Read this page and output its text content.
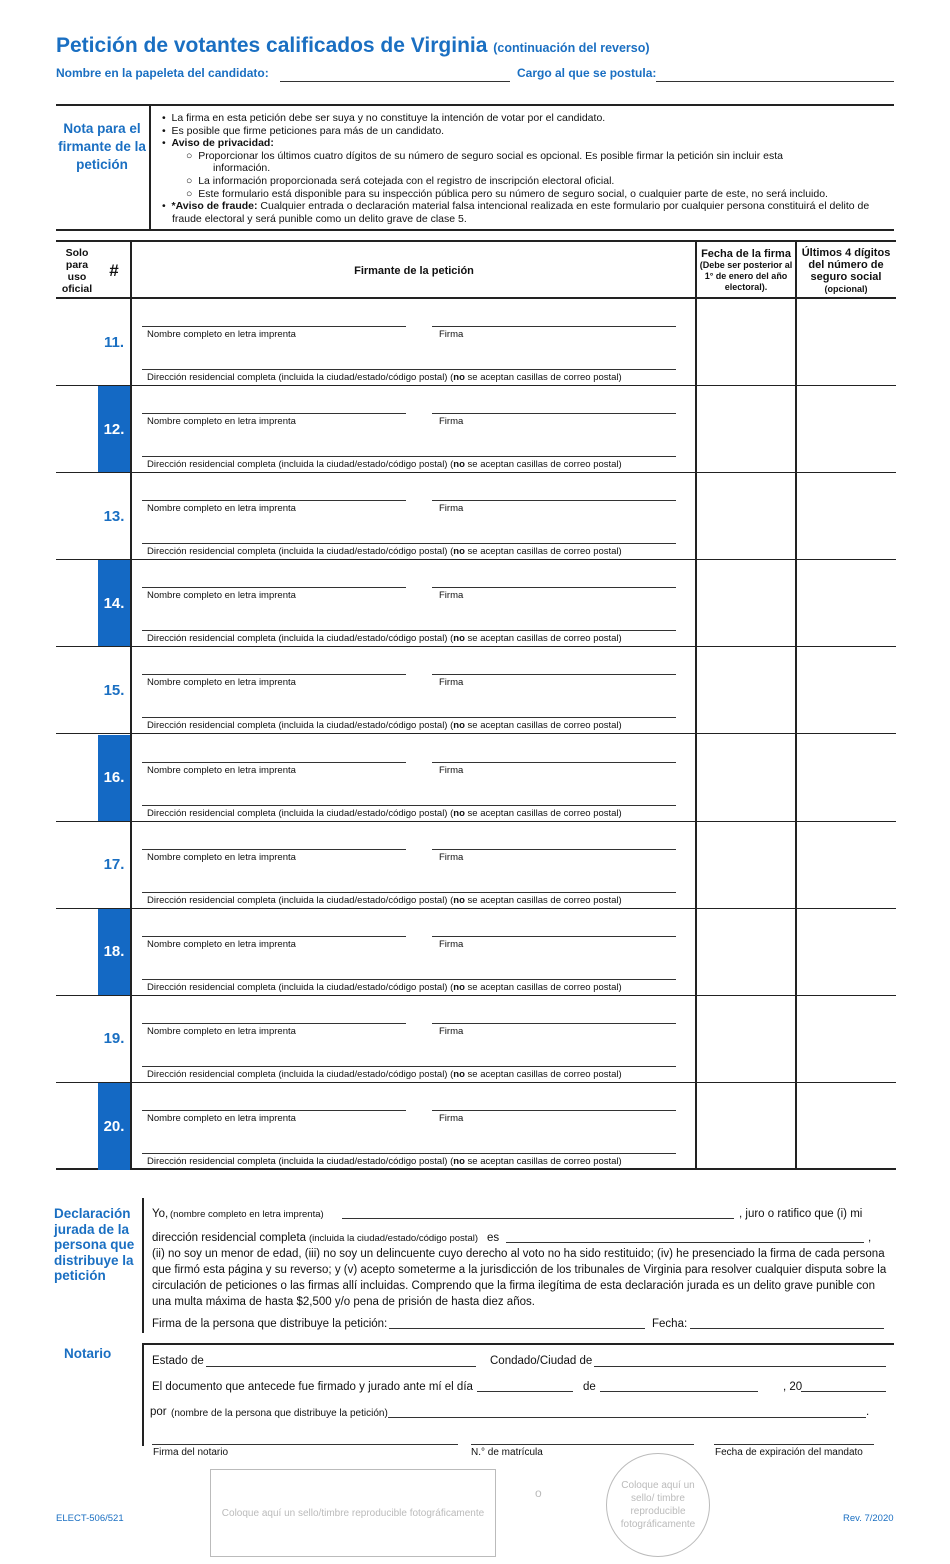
Petición de votantes calificados de Virginia (continuación del reverso)
Nombre en la papeleta del candidato:	Cargo al que se postula:
Nota para el firmante de la petición
•  La firma en esta petición debe ser suya y no constituye la intención de votar por el candidato.
•  Es posible que firme peticiones para más de un candidato.
•  Aviso de privacidad:
○  Proporcionar los últimos cuatro dígitos de su número de seguro social es opcional. Es posible firmar la petición sin incluir esta
información.
○  La información proporcionada será cotejada con el registro de inscripción electoral oficial.
○  Este formulario está disponible para su inspección pública pero su número de seguro social, o cualquier parte de este, no será incluido.
•  *Aviso de fraude: Cualquier entrada o declaración material falsa intencional realizada en este formulario por cualquier persona constituirá el delito de fraude electoral y será punible como un delito grave de clase 5.
Solo para uso oficial
#	Firmante de la petición
Fecha de la firma
(Debe ser posterior al 1° de enero del año electoral).
Últimos 4 dígitos del número de seguro social
(opcional)
11.	Nombre completo en letra imprenta	Firma
Dirección residencial completa (incluida la ciudad/estado/código postal) (no se aceptan casillas de correo postal)
12.	Nombre completo en letra imprenta	Firma
Dirección residencial completa (incluida la ciudad/estado/código postal) (no se aceptan casillas de correo postal)
13.	Nombre completo en letra imprenta	Firma
Dirección residencial completa (incluida la ciudad/estado/código postal) (no se aceptan casillas de correo postal)
14.	Nombre completo en letra imprenta	Firma
Dirección residencial completa (incluida la ciudad/estado/código postal) (no se aceptan casillas de correo postal)
15.	Nombre completo en letra imprenta	Firma
Dirección residencial completa (incluida la ciudad/estado/código postal) (no se aceptan casillas de correo postal)
16.	Nombre completo en letra imprenta	Firma
Dirección residencial completa (incluida la ciudad/estado/código postal) (no se aceptan casillas de correo postal)
17.	Nombre completo en letra imprenta	Firma
Dirección residencial completa (incluida la ciudad/estado/código postal) (no se aceptan casillas de correo postal)
18.	Nombre completo en letra imprenta	Firma
Dirección residencial completa (incluida la ciudad/estado/código postal) (no se aceptan casillas de correo postal)
19.	Nombre completo en letra imprenta	Firma
Dirección residencial completa (incluida la ciudad/estado/código postal) (no se aceptan casillas de correo postal)
20.	Nombre completo en letra imprenta	Firma
Dirección residencial completa (incluida la ciudad/estado/código postal) (no se aceptan casillas de correo postal)
Declaración jurada de la persona que distribuye la petición
Yo, (nombre completo en letra imprenta)	, juro o ratifico que (i) mi
dirección residencial completa (incluida la ciudad/estado/código postal) es	,
(ii) no soy un menor de edad, (iii) no soy un delincuente cuyo derecho al voto no ha sido restituido; (iv) he presenciado la firma de cada persona
que firmó esta página y su reverso; y (v) acepto someterme a la jurisdicción de los tribunales de Virginia para resolver cualquier disputa sobre la
circulación de peticiones o las firmas allí incluidas. Comprendo que la firma ilegítima de esta declaración jurada es un delito grave punible con
una multa máxima de hasta $2,500 y/o pena de prisión de hasta diez años.
Firma de la persona que distribuye la petición:	Fecha:
Notario	Estado de	Condado/Ciudad de
El documento que antecede fue firmado y jurado ante mí el día	de	, 20
por (nombre de la persona que distribuye la petición)	.
Firma del notario	N.° de matrícula	Fecha de expiración del mandato
Coloque aquí un sello/timbre reproducible fotográficamente
o
Coloque aquí un sello/ timbre reproducible fotográficamente
ELECT-506/521	Rev. 7/2020
